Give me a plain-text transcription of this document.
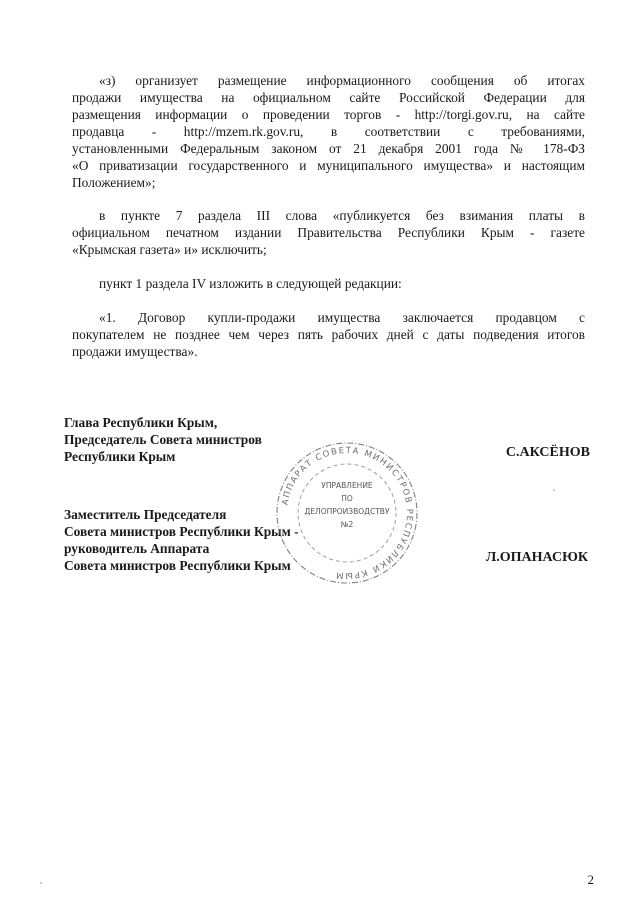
«з) организует размещение информационного сообщения об итогах
продажи имущества на официальном сайте Российской Федерации для
размещения информации о проведении торгов - http://torgi.gov.ru, на сайте
продавца - http://mzem.rk.gov.ru, в соответствии с требованиями,
установленными Федеральным законом от 21 декабря 2001 года № 178-ФЗ
«О приватизации государственного и муниципального имущества» и настоящим
Положением»;
в пункте 7 раздела III слова «публикуется без взимания платы в
официальном печатном издании Правительства Республики Крым - газете
«Крымская газета» и» исключить;
пункт 1 раздела IV изложить в следующей редакции:
«1. Договор купли-продажи имущества заключается продавцом с
покупателем не позднее чем через пять рабочих дней с даты подведения итогов
продажи имущества».
Глава Республики Крым,
Председатель Совета министров
Республики Крым	С.АКСЁНОВ
Заместитель Председателя
Совета министров Республики Крым -
руководитель Аппарата
Совета министров Республики Крым
Л.ОПАНАСЮК
АППАРАТ СОВЕТА МИНИСТРОВ РЕСПУБЛИКИ КРЫМ
УПРАВЛЕНИЕ
ПО
ДЕЛОПРОИЗВОДСТВУ
№2
2
